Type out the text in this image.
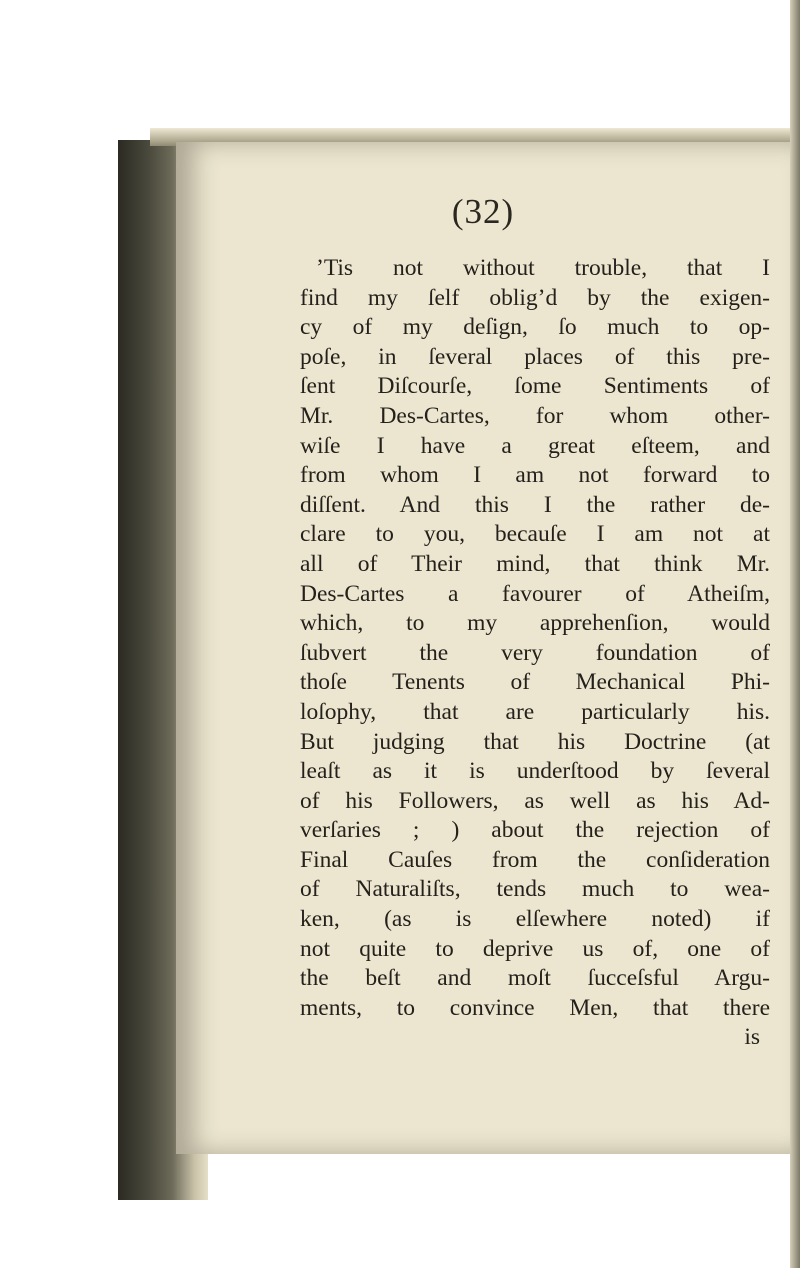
(32)

’Tis not without trouble, that I
find my ſelf oblig’d by the exigen-
cy of my deſign, ſo much to op-
poſe, in ſeveral places of this pre-
ſent Diſcourſe, ſome Sentiments of
Mr. Des-Cartes, for whom other-
wiſe I have a great eſteem, and
from whom I am not forward to
diſſent. And this I the rather de-
clare to you, becauſe I am not at
all of Their mind, that think Mr.
Des-Cartes a favourer of Atheiſm,
which, to my apprehenſion, would
ſubvert the very foundation of
thoſe Tenents of Mechanical Phi-
loſophy, that are particularly his.
But judging that his Doctrine (at
leaſt as it is underſtood by ſeveral
of his Followers, as well as his Ad-
verſaries ; ) about the rejection of
Final Cauſes from the conſideration
of Naturaliſts, tends much to wea-
ken, (as is elſewhere noted) if
not quite to deprive us of, one of
the beſt and moſt ſucceſsful Argu-
ments, to convince Men, that there
is
